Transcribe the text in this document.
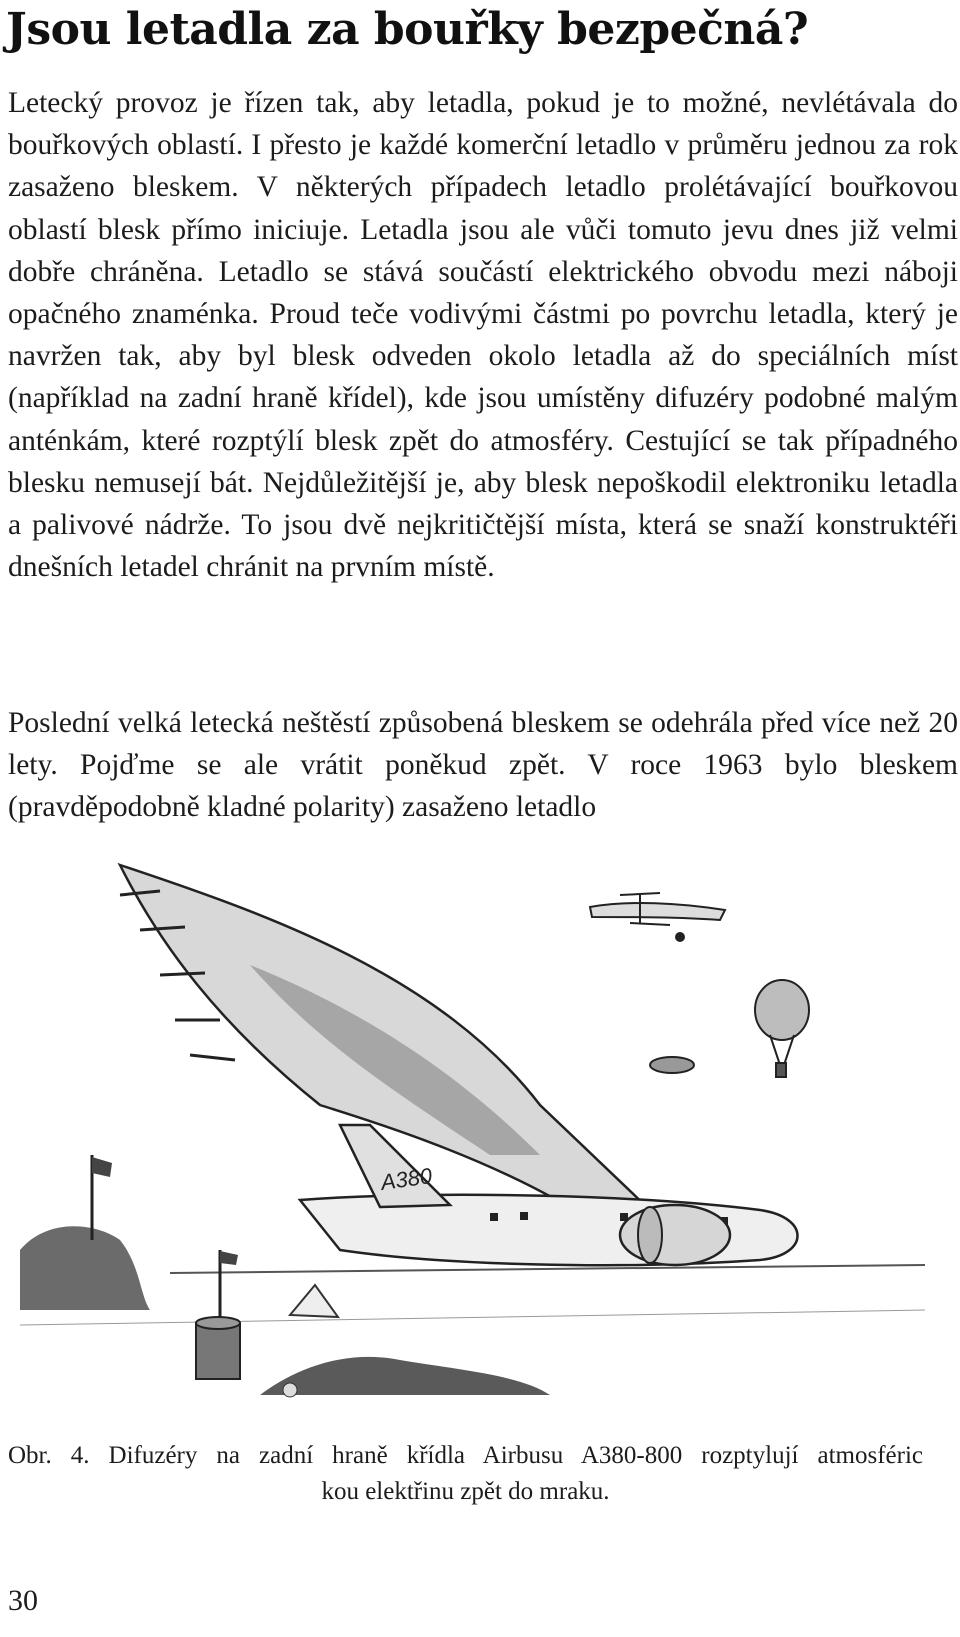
Jsou letadla za bouřky bezpečná?

Letecký provoz je řízen tak, aby letadla, pokud je to možné, nevlétávala do bouřkových oblastí. I přesto je každé komerční letadlo v průměru jednou za rok zasaženo bleskem. V některých případech letadlo prolétávající bouřkovou oblastí blesk přímo iniciuje. Letadla jsou ale vůči tomuto jevu dnes již velmi dobře chráněna. Letadlo se stává součástí elektrického obvodu mezi náboji opačného znaménka. Proud teče vodivými částmi po povrchu letadla, který je navržen tak, aby byl blesk odveden okolo letadla až do speciálních míst (například na zadní hraně křídel), kde jsou umístěny difuzéry podobné malým anténkám, které rozptýlí blesk zpět do atmosféry. Cestující se tak případného blesku nemusejí bát. Nejdůležitější je, aby blesk nepoškodil elektroniku letadla a palivové nádrže. To jsou dvě nejkritičtější místa, která se snaží konstruktéři dnešních letadel chránit na prvním místě.

Poslední velká letecká neštěstí způsobená bleskem se odehrála před více než 20 lety. Pojďme se ale vrátit poněkud zpět. V roce 1963 bylo bleskem (pravděpodobně kladné polarity) zasaženo letadlo

A380

Obr. 4. Difuzéry na zadní hraně křídla Airbusu A380-800 rozptylují atmosféric
kou elektřinu zpět do mraku.

30
